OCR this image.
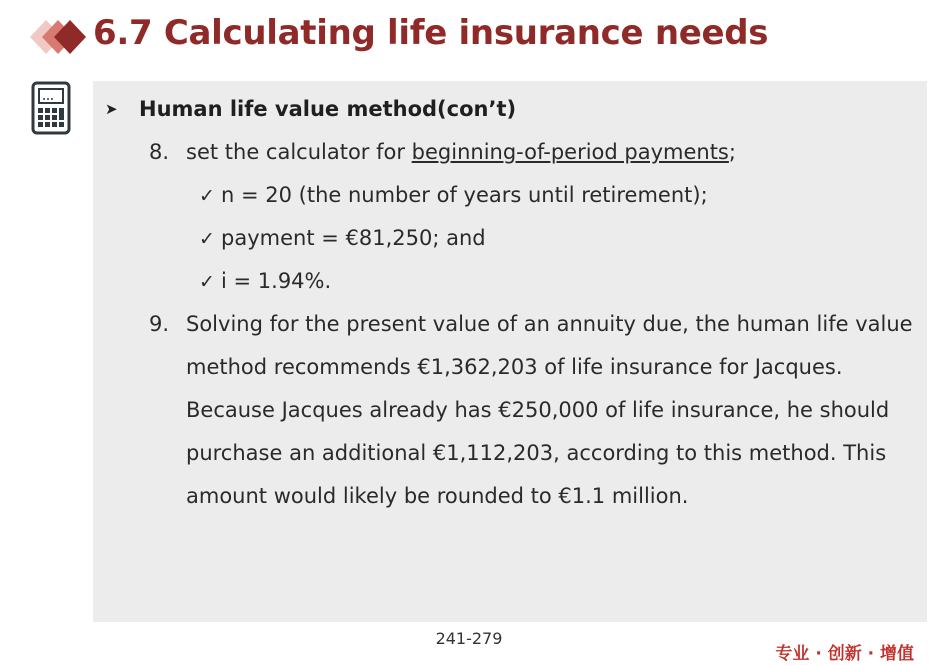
6.7 Calculating life insurance needs
➤	Human life value method(con’t)
8. set the calculator for beginning-of-period payments;
✓ n = 20 (the number of years until retirement);
✓ payment = €81,250; and
✓ i = 1.94%.
9. Solving for the present value of an annuity due, the human life value
method recommends €1,362,203 of life insurance for Jacques.
Because Jacques already has €250,000 of life insurance, he should
purchase an additional €1,112,203, according to this method. This
amount would likely be rounded to €1.1 million.
241-279
专业 · 创新 · 增值
